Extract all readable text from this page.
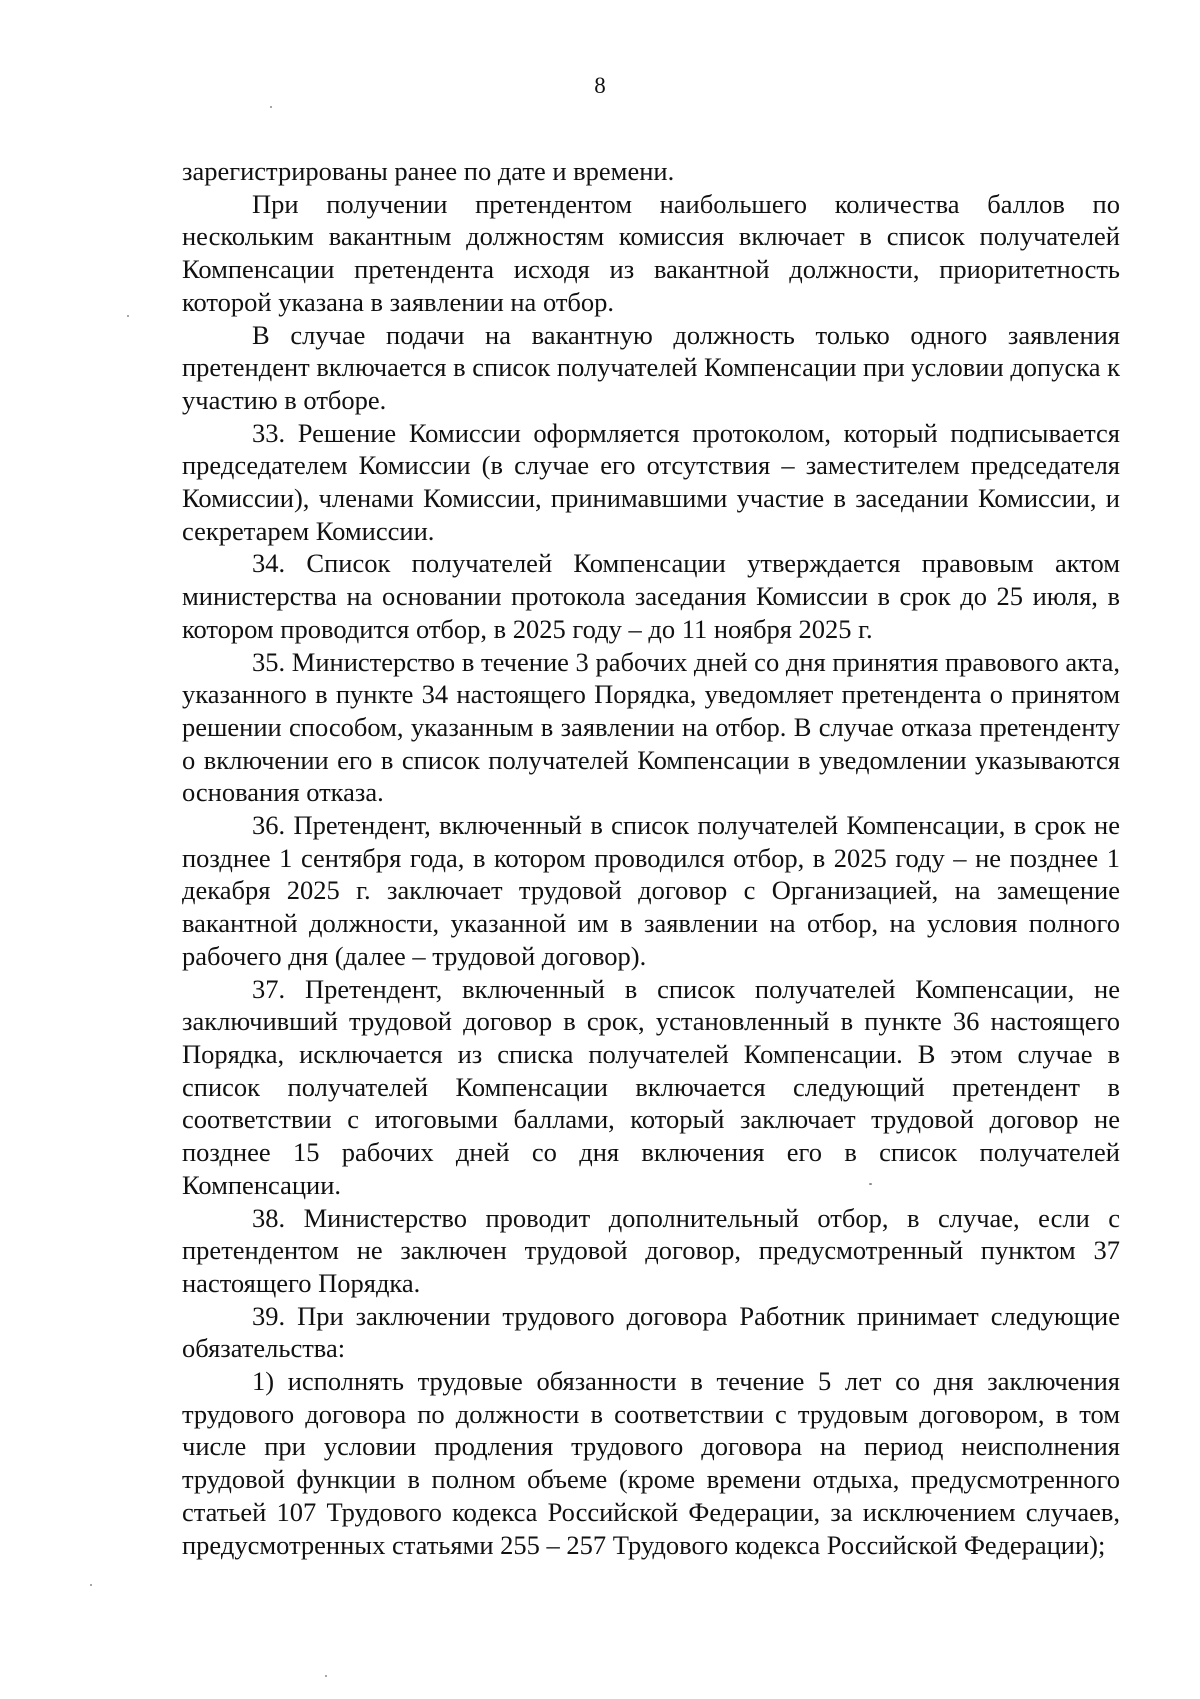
8

зарегистрированы ранее по дате и времени.

При получении претендентом наибольшего количества баллов по нескольким вакантным должностям комиссия включает в список получателей Компенсации претендента исходя из вакантной должности, приоритетность которой указана в заявлении на отбор.

В случае подачи на вакантную должность только одного заявления претендент включается в список получателей Компенсации при условии допуска к участию в отборе.

33. Решение Комиссии оформляется протоколом, который подписывается председателем Комиссии (в случае его отсутствия – заместителем председателя Комиссии), членами Комиссии, принимавшими участие в заседании Комиссии, и секретарем Комиссии.

34. Список получателей Компенсации утверждается правовым актом министерства на основании протокола заседания Комиссии в срок до 25 июля, в котором проводится отбор, в 2025 году – до 11 ноября 2025 г.

35. Министерство в течение 3 рабочих дней со дня принятия правового акта, указанного в пункте 34 настоящего Порядка, уведомляет претендента о принятом решении способом, указанным в заявлении на отбор. В случае отказа претенденту о включении его в список получателей Компенсации в уведомлении указываются основания отказа.

36. Претендент, включенный в список получателей Компенсации, в срок не позднее 1 сентября года, в котором проводился отбор, в 2025 году – не позднее 1 декабря 2025 г. заключает трудовой договор с Организацией, на замещение вакантной должности, указанной им в заявлении на отбор, на условия полного рабочего дня (далее – трудовой договор).

37. Претендент, включенный в список получателей Компенсации, не заключивший трудовой договор в срок, установленный в пункте 36 настоящего Порядка, исключается из списка получателей Компенсации. В этом случае в список получателей Компенсации включается следующий претендент в соответствии с итоговыми баллами, который заключает трудовой договор не позднее 15 рабочих дней со дня включения его в список получателей Компенсации.

38. Министерство проводит дополнительный отбор, в случае, если с претендентом не заключен трудовой договор, предусмотренный пунктом 37 настоящего Порядка.

39. При заключении трудового договора Работник принимает следующие обязательства:

1) исполнять трудовые обязанности в течение 5 лет со дня заключения трудового договора по должности в соответствии с трудовым договором, в том числе при условии продления трудового договора на период неисполнения трудовой функции в полном объеме (кроме времени отдыха, предусмотренного статьей 107 Трудового кодекса Российской Федерации, за исключением случаев, предусмотренных статьями 255 – 257 Трудового кодекса Российской Федерации);
